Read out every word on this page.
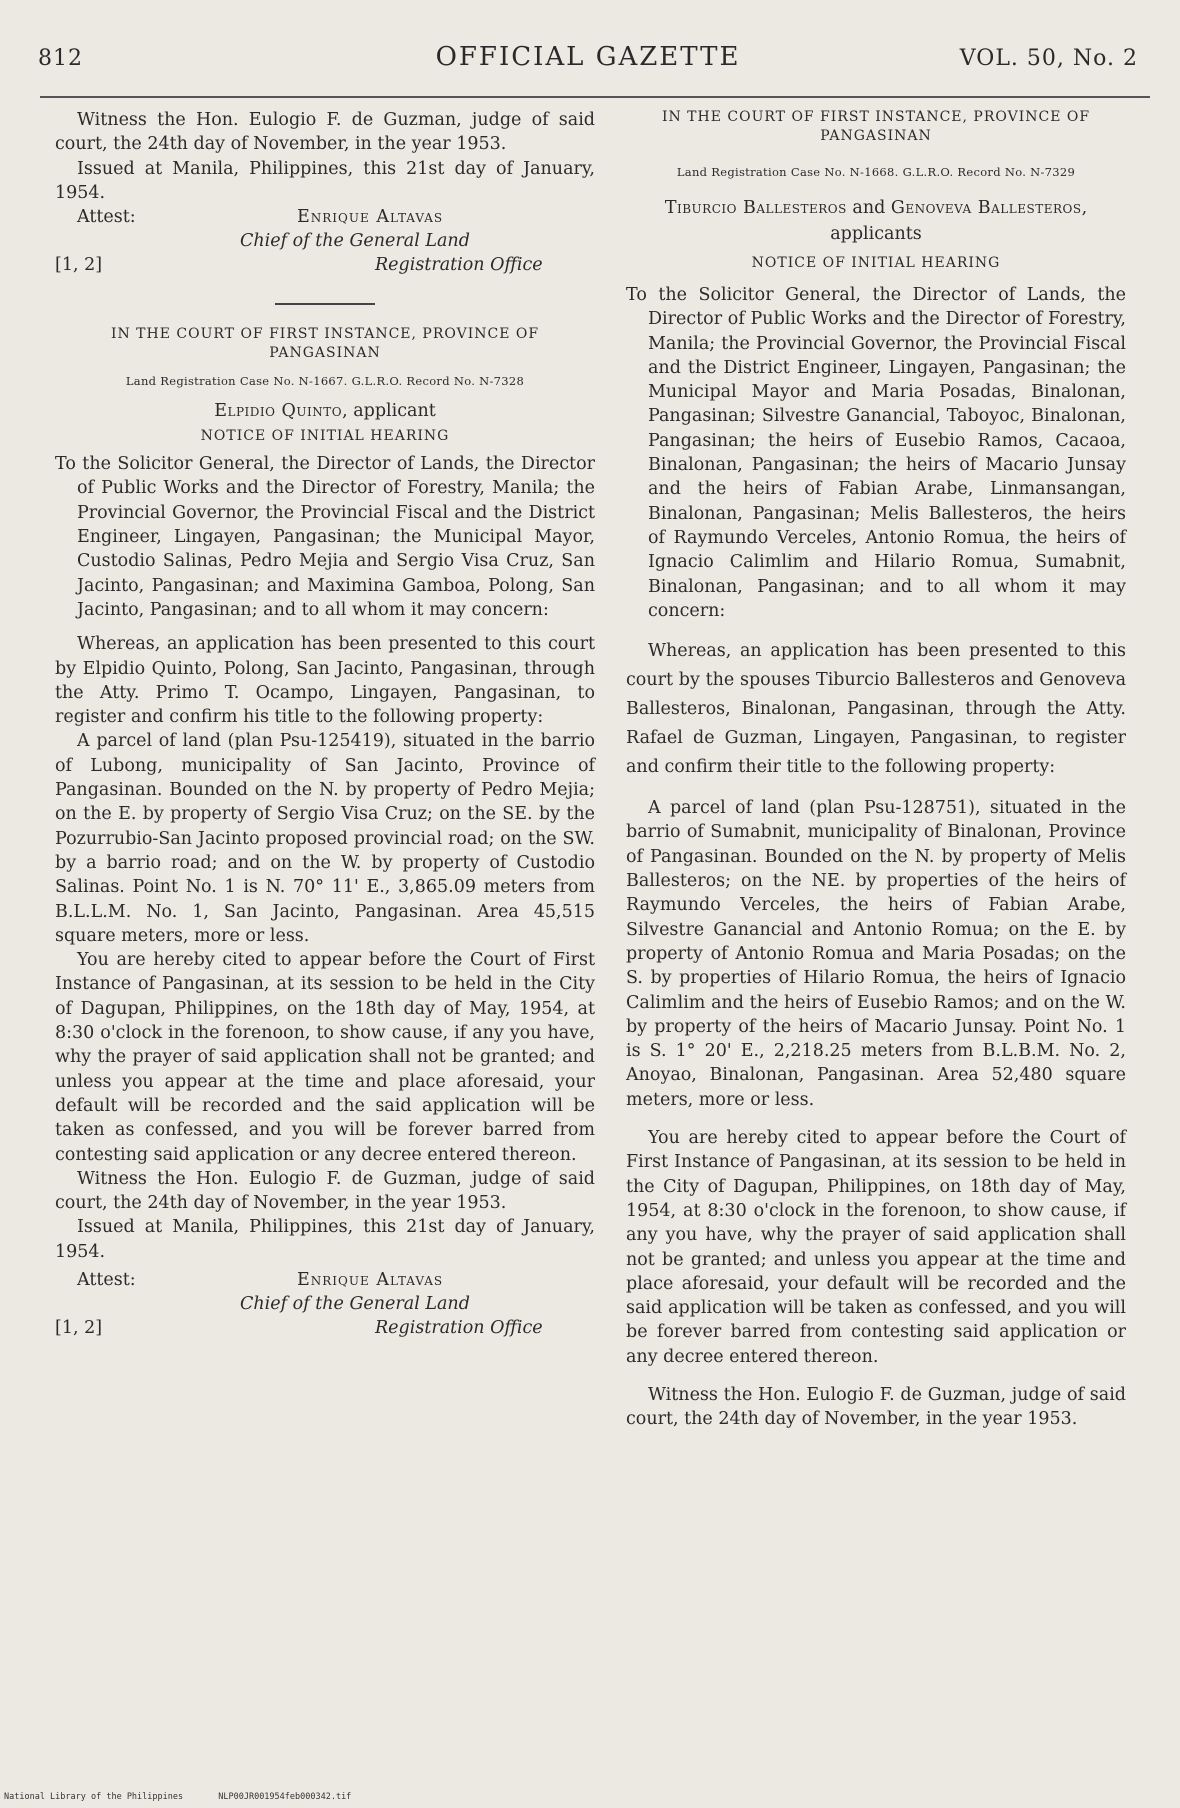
812	OFFICIAL GAZETTE	VOL. 50, No. 2

Witness the Hon. Eulogio F. de Guzman, judge of said court, the 24th day of November, in the year 1953.

Issued at Manila, Philippines, this 21st day of January, 1954.

Attest:	Enrique Altavas
Chief of the General Land
Registration Office
[1, 2]

IN THE COURT OF FIRST INSTANCE, PROVINCE OF PANGASINAN

Land Registration Case No. N-1667. G.L.R.O. Record No. N-7328

Elpidio Quinto, applicant

NOTICE OF INITIAL HEARING

To the Solicitor General, the Director of Lands, the Director of Public Works and the Director of Forestry, Manila; the Provincial Governor, the Provincial Fiscal and the District Engineer, Lingayen, Pangasinan; the Municipal Mayor, Custodio Salinas, Pedro Mejia and Sergio Visa Cruz, San Jacinto, Pangasinan; and Maximina Gamboa, Polong, San Jacinto, Pangasinan; and to all whom it may concern:

Whereas, an application has been presented to this court by Elpidio Quinto, Polong, San Jacinto, Pangasinan, through the Atty. Primo T. Ocampo, Lingayen, Pangasinan, to register and confirm his title to the following property:

A parcel of land (plan Psu-125419), situated in the barrio of Lubong, municipality of San Jacinto, Province of Pangasinan. Bounded on the N. by property of Pedro Mejia; on the E. by property of Sergio Visa Cruz; on the SE. by the Pozurrubio-San Jacinto proposed provincial road; on the SW. by a barrio road; and on the W. by property of Custodio Salinas. Point No. 1 is N. 70° 11' E., 3,865.09 meters from B.L.L.M. No. 1, San Jacinto, Pangasinan. Area 45,515 square meters, more or less.

You are hereby cited to appear before the Court of First Instance of Pangasinan, at its session to be held in the City of Dagupan, Philippines, on the 18th day of May, 1954, at 8:30 o'clock in the forenoon, to show cause, if any you have, why the prayer of said application shall not be granted; and unless you appear at the time and place aforesaid, your default will be recorded and the said application will be taken as confessed, and you will be forever barred from contesting said application or any decree entered thereon.

Witness the Hon. Eulogio F. de Guzman, judge of said court, the 24th day of November, in the year 1953.

Issued at Manila, Philippines, this 21st day of January, 1954.

Attest:	Enrique Altavas
Chief of the General Land
Registration Office
[1, 2]

IN THE COURT OF FIRST INSTANCE, PROVINCE OF PANGASINAN

Land Registration Case No. N-1668. G.L.R.O. Record No. N-7329

Tiburcio Ballesteros and Genoveva Ballesteros, applicants

NOTICE OF INITIAL HEARING

To the Solicitor General, the Director of Lands, the Director of Public Works and the Director of Forestry, Manila; the Provincial Governor, the Provincial Fiscal and the District Engineer, Lingayen, Pangasinan; the Municipal Mayor and Maria Posadas, Binalonan, Pangasinan; Silvestre Ganancial, Taboyoc, Binalonan, Pangasinan; the heirs of Eusebio Ramos, Cacaoa, Binalonan, Pangasinan; the heirs of Macario Junsay and the heirs of Fabian Arabe, Linmansangan, Binalonan, Pangasinan; Melis Ballesteros, the heirs of Raymundo Verceles, Antonio Romua, the heirs of Ignacio Calimlim and Hilario Romua, Sumabnit, Binalonan, Pangasinan; and to all whom it may concern:

Whereas, an application has been presented to this court by the spouses Tiburcio Ballesteros and Genoveva Ballesteros, Binalonan, Pangasinan, through the Atty. Rafael de Guzman, Lingayen, Pangasinan, to register and confirm their title to the following property:

A parcel of land (plan Psu-128751), situated in the barrio of Sumabnit, municipality of Binalonan, Province of Pangasinan. Bounded on the N. by property of Melis Ballesteros; on the NE. by properties of the heirs of Raymundo Verceles, the heirs of Fabian Arabe, Silvestre Ganancial and Antonio Romua; on the E. by property of Antonio Romua and Maria Posadas; on the S. by properties of Hilario Romua, the heirs of Ignacio Calimlim and the heirs of Eusebio Ramos; and on the W. by property of the heirs of Macario Junsay. Point No. 1 is S. 1° 20' E., 2,218.25 meters from B.L.B.M. No. 2, Anoyao, Binalonan, Pangasinan. Area 52,480 square meters, more or less.

You are hereby cited to appear before the Court of First Instance of Pangasinan, at its session to be held in the City of Dagupan, Philippines, on 18th day of May, 1954, at 8:30 o'clock in the forenoon, to show cause, if any you have, why the prayer of said application shall not be granted; and unless you appear at the time and place aforesaid, your default will be recorded and the said application will be taken as confessed, and you will be forever barred from contesting said application or any decree entered thereon.

Witness the Hon. Eulogio F. de Guzman, judge of said court, the 24th day of November, in the year 1953.

National Library of the Philippines	NLP00JR001954feb000342.tif
